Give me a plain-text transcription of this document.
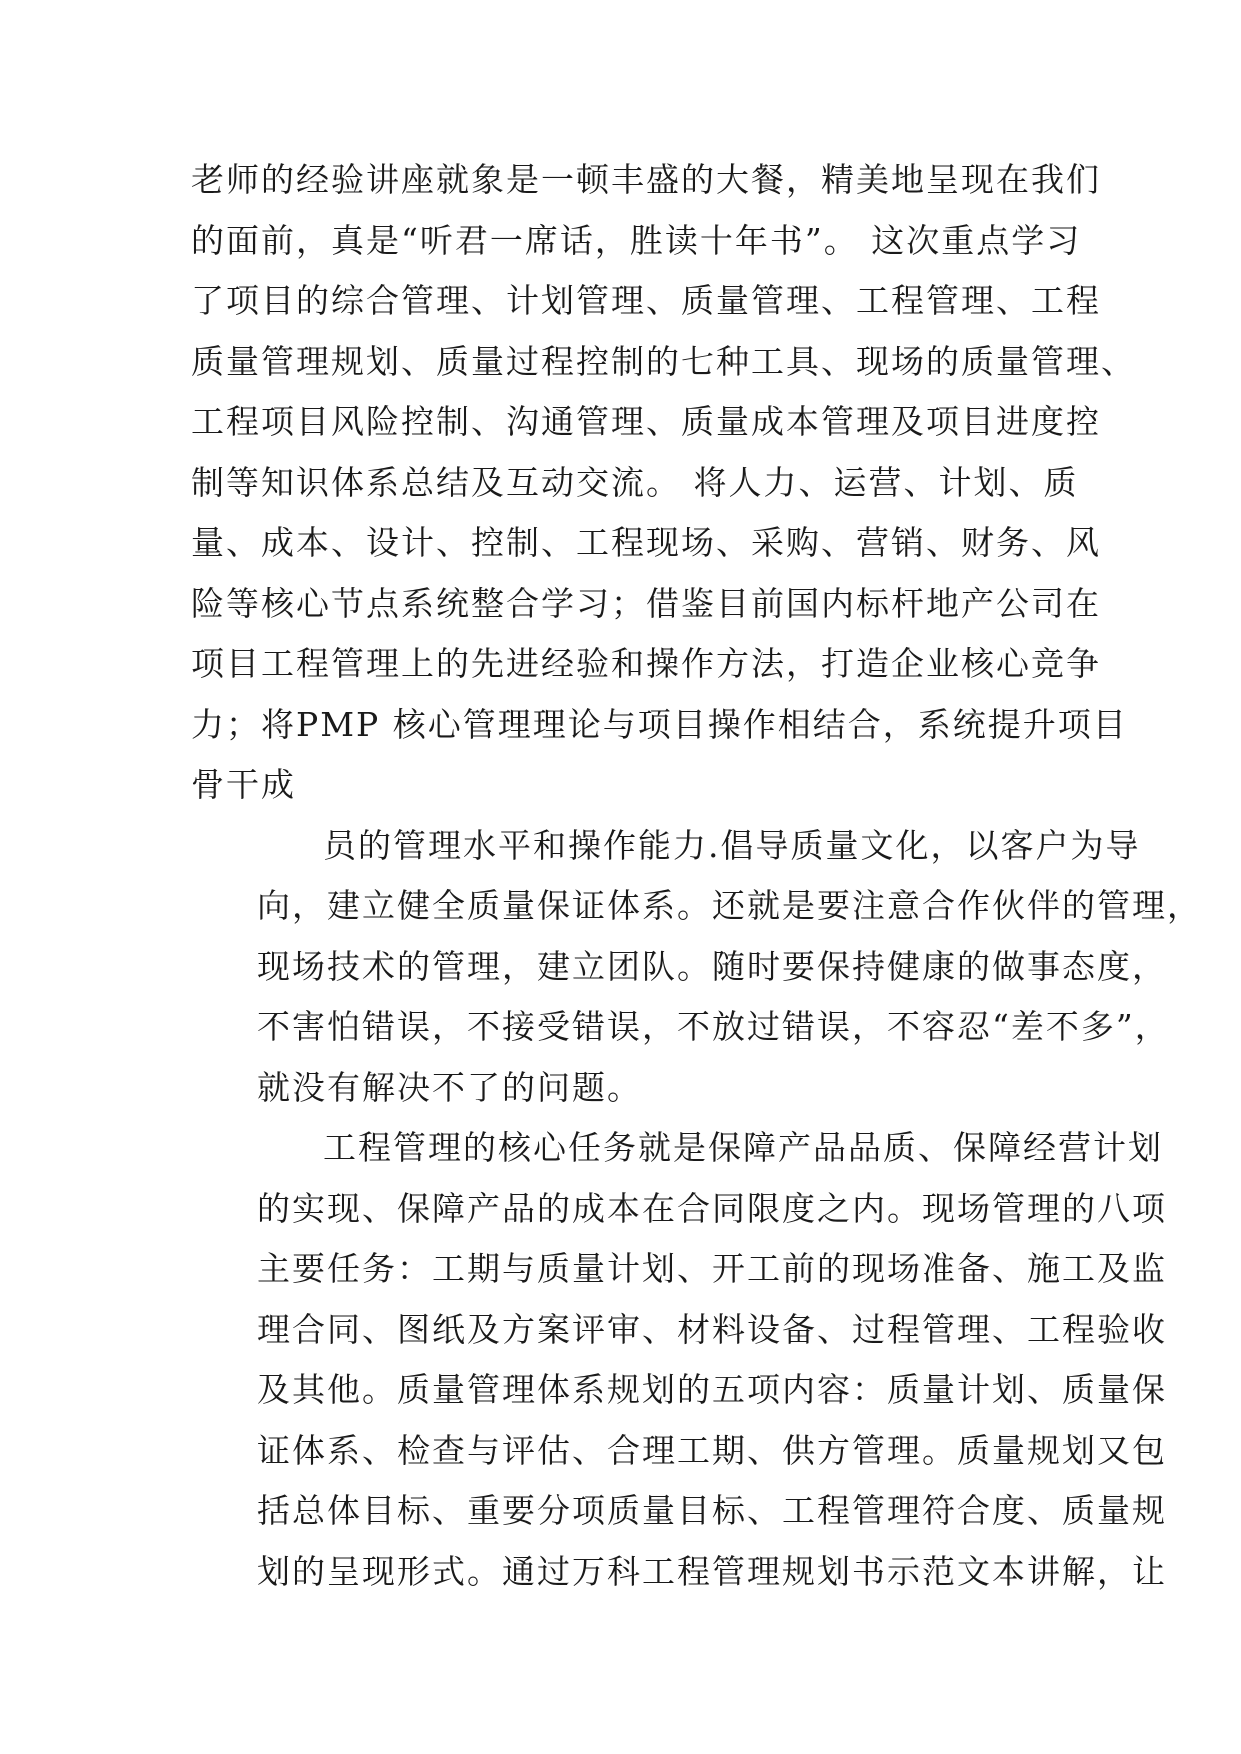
老师的经验讲座就象是一顿丰盛的大餐，精美地呈现在我们
的面前，真是“听君一席话，胜读十年书”。 这次重点学习
了项目的综合管理、计划管理、质量管理、工程管理、工程
质量管理规划、质量过程控制的七种工具、现场的质量管理、
工程项目风险控制、沟通管理、质量成本管理及项目进度控
制等知识体系总结及互动交流。 将人力、运营、计划、质
量、成本、设计、控制、工程现场、采购、营销、财务、风
险等核心节点系统整合学习；借鉴目前国内标杆地产公司在
项目工程管理上的先进经验和操作方法，打造企业核心竞争
力；将PMP 核心管理理论与项目操作相结合，系统提升项目
骨干成

员的管理水平和操作能力.倡导质量文化，以客户为导
向，建立健全质量保证体系。还就是要注意合作伙伴的管理，
现场技术的管理，建立团队。随时要保持健康的做事态度，
不害怕错误，不接受错误，不放过错误，不容忍“差不多”，
就没有解决不了的问题。

工程管理的核心任务就是保障产品品质、保障经营计划
的实现、保障产品的成本在合同限度之内。现场管理的八项
主要任务：工期与质量计划、开工前的现场准备、施工及监
理合同、图纸及方案评审、材料设备、过程管理、工程验收
及其他。质量管理体系规划的五项内容：质量计划、质量保
证体系、检查与评估、合理工期、供方管理。质量规划又包
括总体目标、重要分项质量目标、工程管理符合度、质量规
划的呈现形式。通过万科工程管理规划书示范文本讲解，让
